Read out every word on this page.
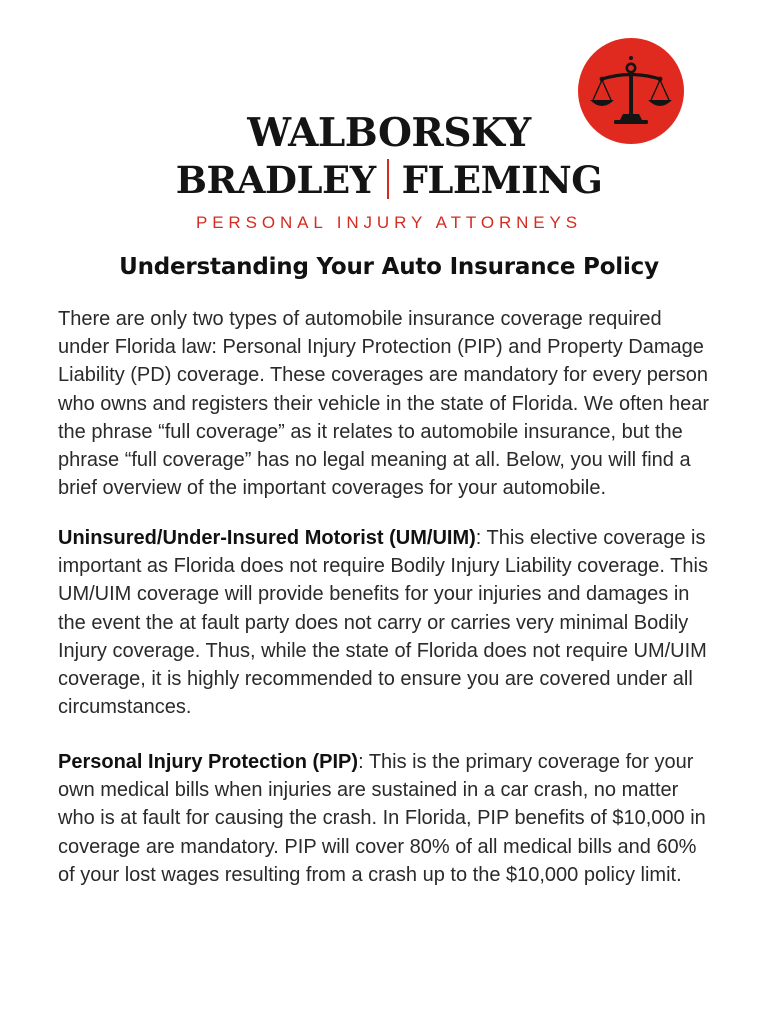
WALBORSKY
BRADLEY FLEMING
PERSONAL INJURY ATTORNEYS
Understanding Your Auto Insurance Policy

There are only two types of automobile insurance coverage required under Florida law: Personal Injury Protection (PIP) and Property Damage Liability (PD) coverage. These coverages are mandatory for every person who owns and registers their vehicle in the state of Florida. We often hear the phrase “full coverage” as it relates to automobile insurance, but the phrase “full coverage” has no legal meaning at all. Below, you will find a brief overview of the important coverages for your automobile.

Uninsured/Under-Insured Motorist (UM/UIM): This elective coverage is important as Florida does not require Bodily Injury Liability coverage. This UM/UIM coverage will provide benefits for your injuries and damages in the event the at fault party does not carry or carries very minimal Bodily Injury coverage. Thus, while the state of Florida does not require UM/UIM coverage, it is highly recommended to ensure you are covered under all circumstances.

Personal Injury Protection (PIP): This is the primary coverage for your own medical bills when injuries are sustained in a car crash, no matter who is at fault for causing the crash. In Florida, PIP benefits of $10,000 in coverage are mandatory. PIP will cover 80% of all medical bills and 60% of your lost wages resulting from a crash up to the $10,000 policy limit.
